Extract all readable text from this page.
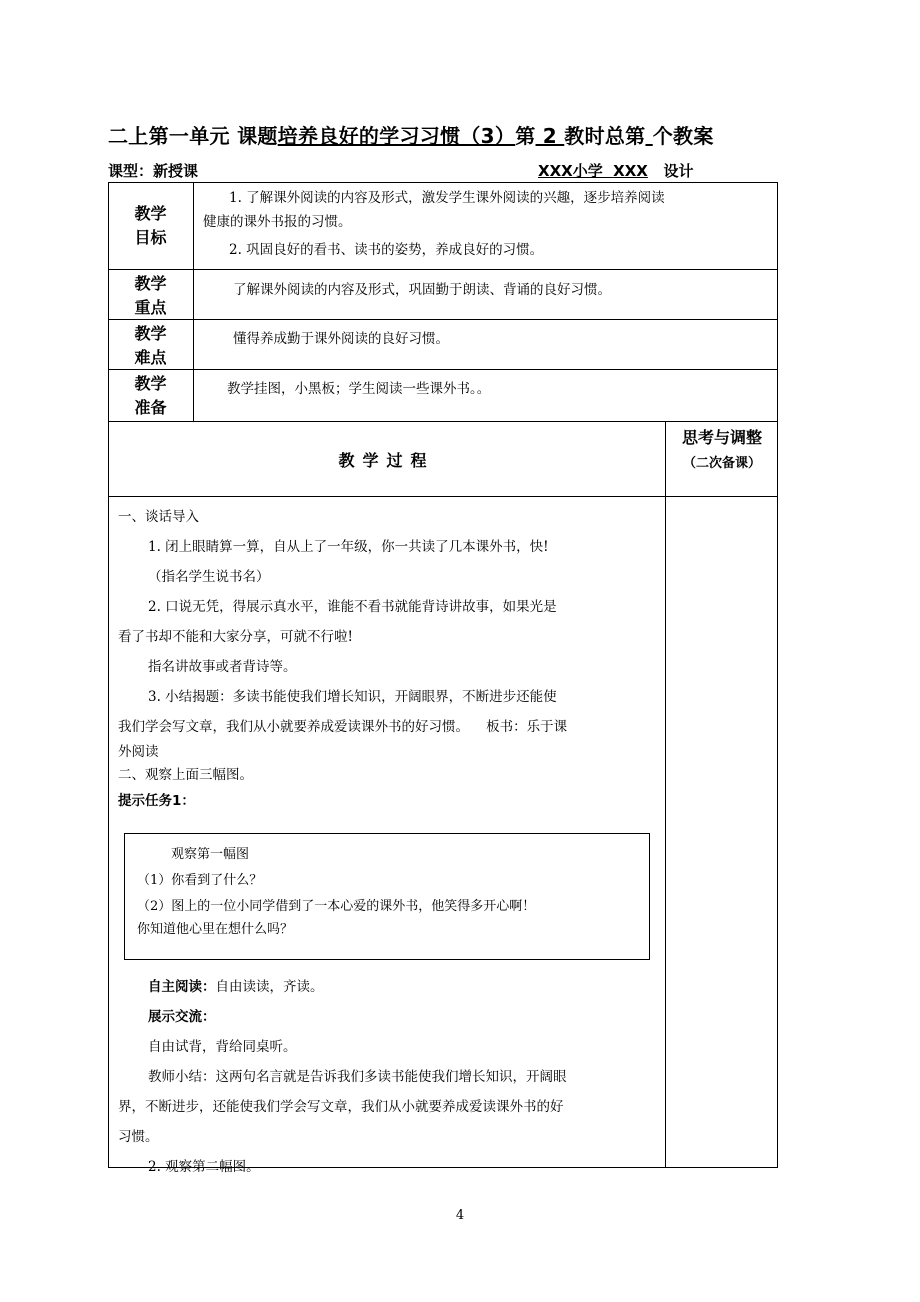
二上第一单元 课题培养良好的学习习惯（3）第 2 教时总第 个教案
课型：新授课	XXX小学  XXX 设计
教学
目标
1. 了解课外阅读的内容及形式，激发学生课外阅读的兴趣，逐步培养阅读
健康的课外书报的习惯。
2. 巩固良好的看书、读书的姿势，养成良好的习惯。
教学
重点
了解课外阅读的内容及形式，巩固勤于朗读、背诵的良好习惯。
教学
难点
懂得养成勤于课外阅读的良好习惯。
教学
准备
教学挂图，小黑板；学生阅读一些课外书。。
教学过程
思考与调整
（二次备课）

一、谈话导入

1. 闭上眼睛算一算，自从上了一年级，你一共读了几本课外书，快!

（指名学生说书名）

2. 口说无凭，得展示真水平，谁能不看书就能背诗讲故事，如果光是

看了书却不能和大家分享，可就不行啦!

指名讲故事或者背诗等。

3. 小结揭题：多读书能使我们增长知识，开阔眼界，不断进步还能使

我们学会写文章，我们从小就要养成爱读课外书的好习惯。    板书：乐于课

外阅读

二、观察上面三幅图。

提示任务1：

观察第一幅图

（1）你看到了什么？

（2）图上的一位小同学借到了一本心爱的课外书，他笑得多开心啊！

你知道他心里在想什么吗？

自主阅读：自由读读，齐读。

展示交流：

自由试背，背给同桌听。

教师小结：这两句名言就是告诉我们多读书能使我们增长知识，开阔眼

界，不断进步，还能使我们学会写文章，我们从小就要养成爱读课外书的好

习惯。

2. 观察第二幅图。

4
